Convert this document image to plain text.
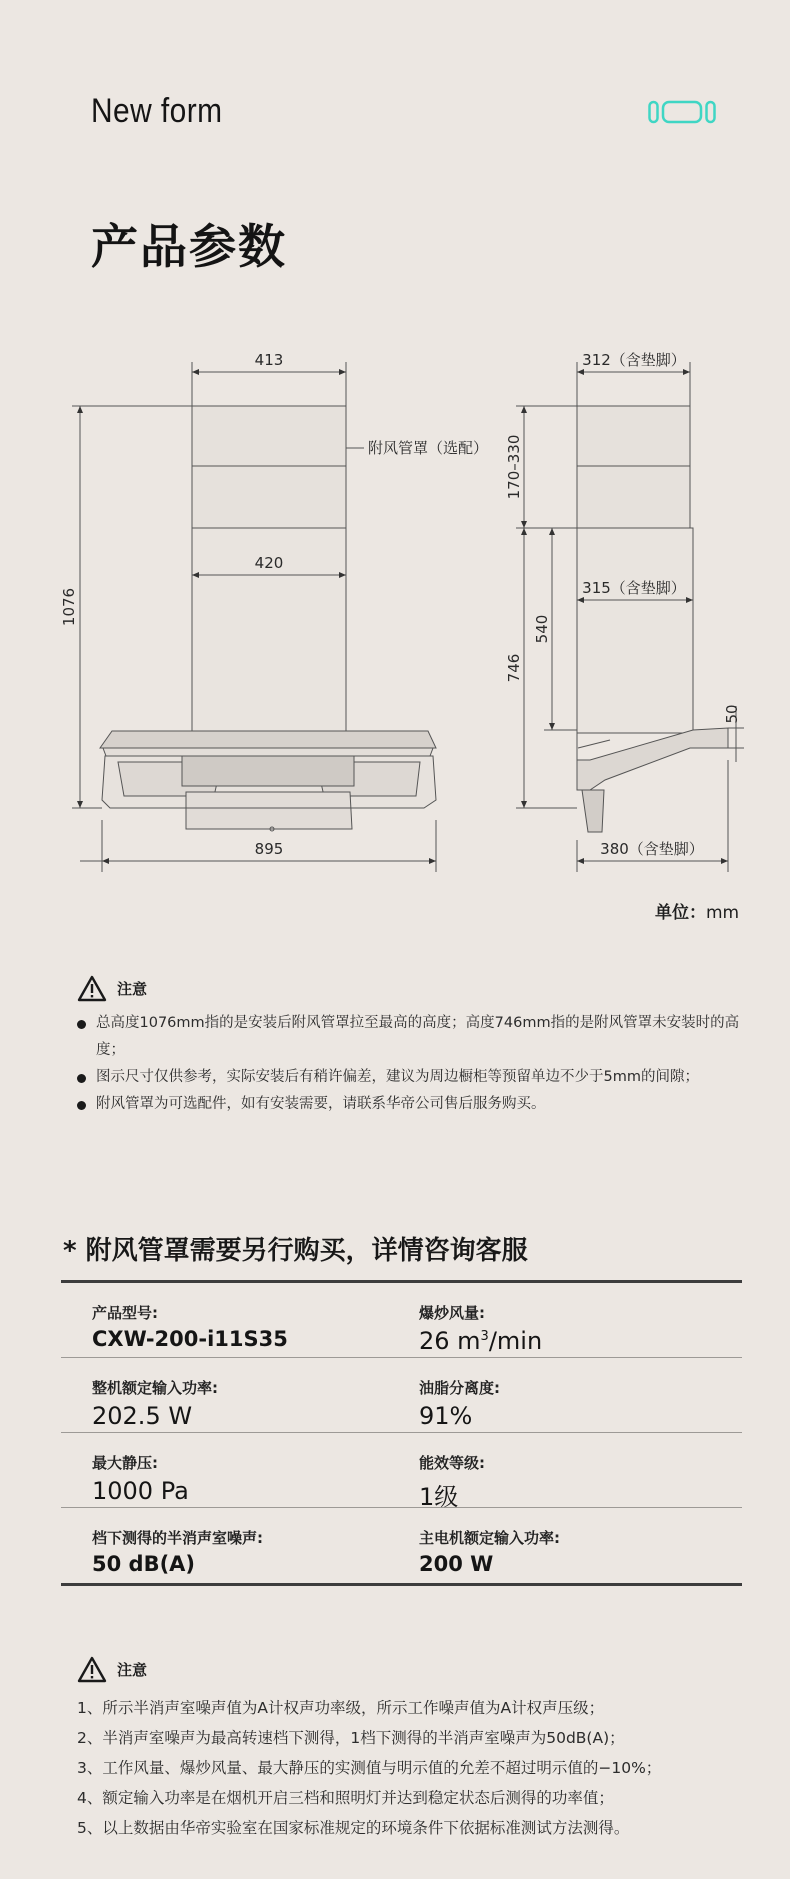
New form
产品参数
413
420
895
1076
附风管罩（选配）
312（含垫脚）
315（含垫脚）
380（含垫脚）
170–330
746
540
50
单位：mm
注意
总高度1076mm指的是安装后附风管罩拉至最高的高度；高度746mm指的是附风管罩未安装时的高度；
图示尺寸仅供参考，实际安装后有稍许偏差，建议为周边橱柜等预留单边不少于5mm的间隙；
附风管罩为可选配件，如有安装需要，请联系华帝公司售后服务购买。
* 附风管罩需要另行购买，详情咨询客服
产品型号:
CXW-200-i11S35
爆炒风量:
26 $m^3/\min$
整机额定输入功率:
202.5 W
油脂分离度:
91%
最大静压:
1000 Pa
能效等级:
1级
档下测得的半消声室噪声:
50 dB(A)
主电机额定输入功率:
200 W
注意
1、所示半消声室噪声值为A计权声功率级，所示工作噪声值为A计权声压级；
2、半消声室噪声为最高转速档下测得，1档下测得的半消声室噪声为50dB(A)；
3、工作风量、爆炒风量、最大静压的实测值与明示值的允差不超过明示值的−10%；
4、额定输入功率是在烟机开启三档和照明灯并达到稳定状态后测得的功率值；
5、以上数据由华帝实验室在国家标准规定的环境条件下依据标准测试方法测得。
